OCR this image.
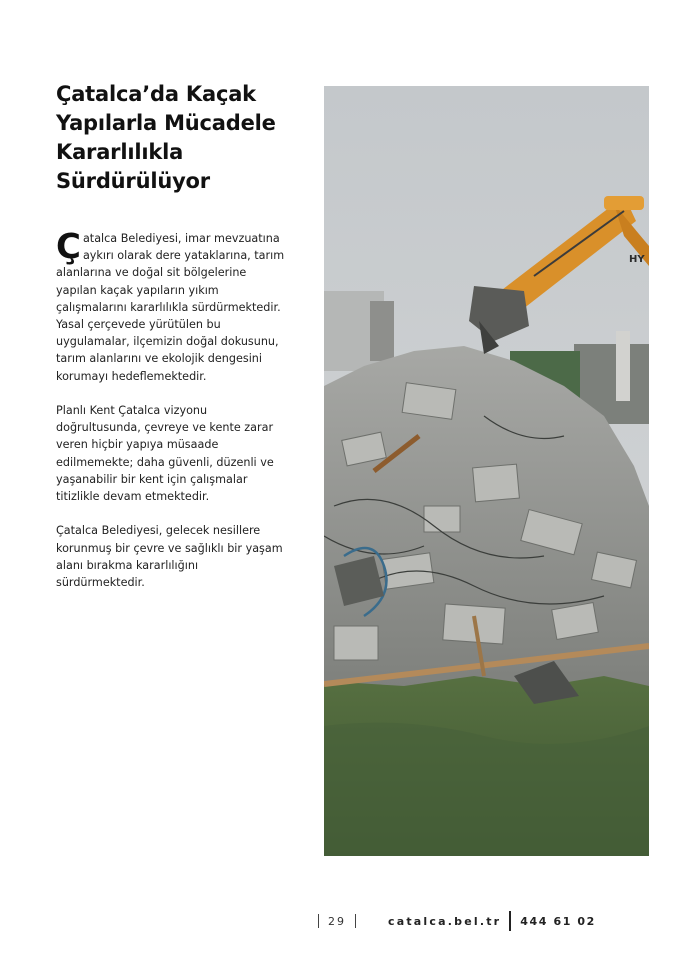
Çatalca’da Kaçak
Yapılarla Mücadele
Kararlılıkla
Sürdürülüyor

Çatalca Belediyesi, imar mevzuatına aykırı olarak dere yataklarına, tarım alanlarına ve doğal sit bölgelerine yapılan kaçak yapıların yıkım çalışmalarını kararlılıkla sürdürmektedir. Yasal çerçevede yürütülen bu uygulamalar, ilçemizin doğal dokusunu, tarım alanlarını ve ekolojik dengesini korumayı hedeflemektedir.

Planlı Kent Çatalca vizyonu doğrultusunda, çevreye ve kente zarar veren hiçbir yapıya müsaade edilmemekte; daha güvenli, düzenli ve yaşanabilir bir kent için çalışmalar titizlikle devam etmektedir.

Çatalca Belediyesi, gelecek nesillere korunmuş bir çevre ve sağlıklı bir yaşam alanı bırakma kararlılığını sürdürmektedir.

HY
29	catalca.bel.tr	444 61 02
